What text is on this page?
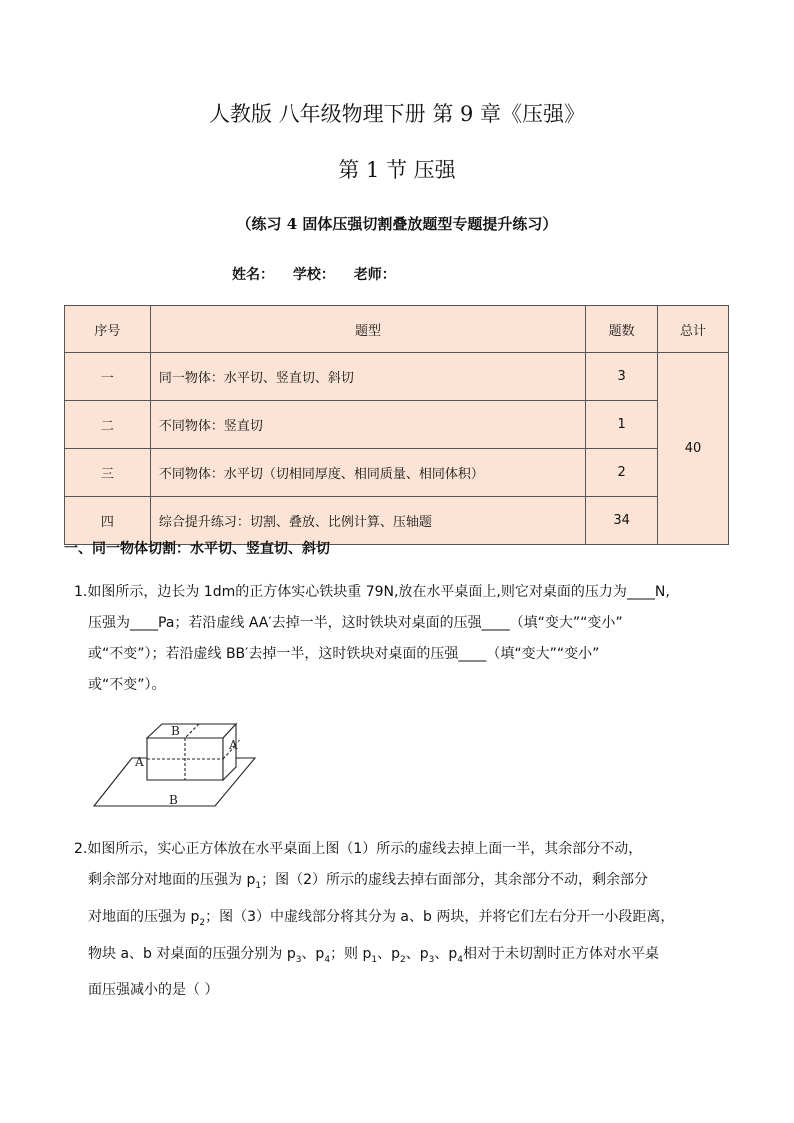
人教版 八年级物理下册 第 9 章《压强》
第 1 节 压强
（练习 4 固体压强切割叠放题型专题提升练习）
姓名： 学校： 老师：
序号	题型	题数	总计
一	同一物体：水平切、竖直切、斜切	3	40
二	不同物体：竖直切	1	
三	不同物体：水平切（切相同厚度、相同质量、相同体积）	2	
四	综合提升练习：切割、叠放、比例计算、压轴题	34	
一、同一物体切割：水平切、竖直切、斜切
1.如图所示，边长为 1dm的正方体实心铁块重 79N,放在水平桌面上,则它对桌面的压力为____N,
压强为____Pa；若沿虚线 AA′去掉一半，这时铁块对桌面的压强____（填“变大”“变小”
或“不变”）；若沿虚线 BB′去掉一半，这时铁块对桌面的压强____（填“变大”“变小”
或“不变”）。
B
A′
A
B
2.如图所示，实心正方体放在水平桌面上图（1）所示的虚线去掉上面一半，其余部分不动，
剩余部分对地面的压强为 $p_1$；图（2）所示的虚线去掉右面部分，其余部分不动，剩余部分
对地面的压强为 $p_2$；图（3）中虚线部分将其分为 a、b 两块，并将它们左右分开一小段距离，
物块 a、b 对桌面的压强分别为 $p_3$、$p_4$；则 $p_1$、$p_2$、$p_3$、$p_4$相对于未切割时正方体对水平桌
面压强减小的是（ ）
